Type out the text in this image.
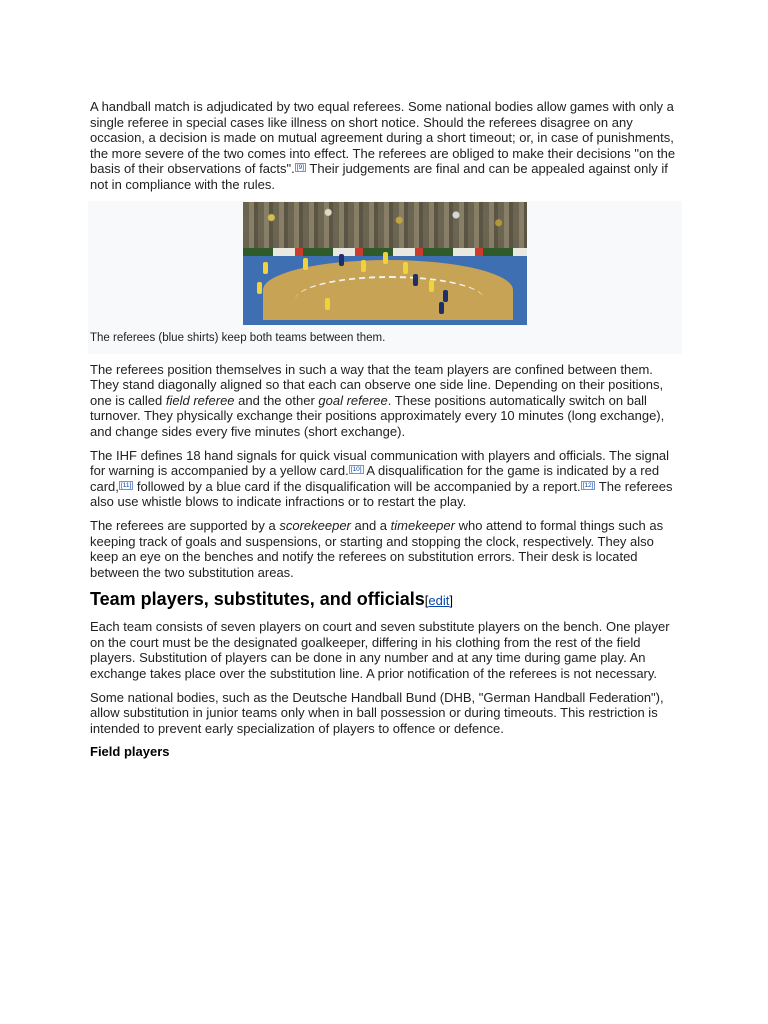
A handball match is adjudicated by two equal referees. Some national bodies allow games with only a single referee in special cases like illness on short notice. Should the referees disagree on any occasion, a decision is made on mutual agreement during a short timeout; or, in case of punishments, the more severe of the two comes into effect. The referees are obliged to make their decisions "on the basis of their observations of facts". [9] Their judgements are final and can be appealed against only if not in compliance with the rules.

The referees (blue shirts) keep both teams between them.

The referees position themselves in such a way that the team players are confined between them. They stand diagonally aligned so that each can observe one side line. Depending on their positions, one is called field referee and the other goal referee. These positions automatically switch on ball turnover. They physically exchange their positions approximately every 10 minutes (long exchange), and change sides every five minutes (short exchange).

The IHF defines 18 hand signals for quick visual communication with players and officials. The signal for warning is accompanied by a yellow card. [10] A disqualification for the game is indicated by a red card, [11] followed by a blue card if the disqualification will be accompanied by a report. [12] The referees also use whistle blows to indicate infractions or to restart the play.

The referees are supported by a scorekeeper and a timekeeper who attend to formal things such as keeping track of goals and suspensions, or starting and stopping the clock, respectively. They also keep an eye on the benches and notify the referees on substitution errors. Their desk is located between the two substitution areas.

Team players, substitutes, and officials[edit]

Each team consists of seven players on court and seven substitute players on the bench. One player on the court must be the designated goalkeeper, differing in his clothing from the rest of the field players. Substitution of players can be done in any number and at any time during game play. An exchange takes place over the substitution line. A prior notification of the referees is not necessary.

Some national bodies, such as the Deutsche Handball Bund (DHB, "German Handball Federation"), allow substitution in junior teams only when in ball possession or during timeouts. This restriction is intended to prevent early specialization of players to offence or defence.

Field players
